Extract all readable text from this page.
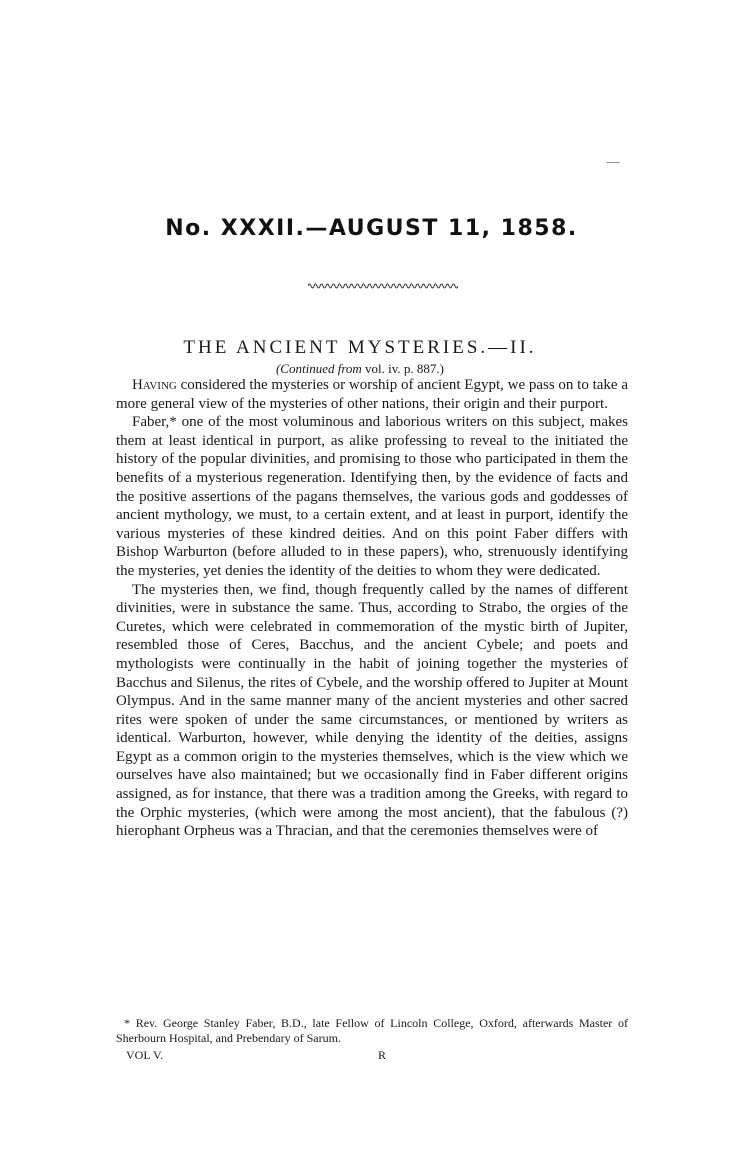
No. XXXII.—AUGUST 11, 1858.
THE ANCIENT MYSTERIES.—II.
(Continued from vol. iv. p. 887.)

Having considered the mysteries or worship of ancient Egypt, we pass on to take a more general view of the mysteries of other nations, their origin and their purport.

Faber,* one of the most voluminous and laborious writers on this subject, makes them at least identical in purport, as alike professing to reveal to the initiated the history of the popular divinities, and promising to those who participated in them the benefits of a mysterious regeneration. Identifying then, by the evidence of facts and the positive assertions of the pagans themselves, the various gods and goddesses of ancient mythology, we must, to a certain extent, and at least in purport, identify the various mysteries of these kindred deities. And on this point Faber differs with Bishop Warburton (before alluded to in these papers), who, strenuously identifying the mysteries, yet denies the identity of the deities to whom they were dedicated.

The mysteries then, we find, though frequently called by the names of different divinities, were in substance the same. Thus, according to Strabo, the orgies of the Curetes, which were celebrated in commemoration of the mystic birth of Jupiter, resembled those of Ceres, Bacchus, and the ancient Cybele; and poets and mythologists were continually in the habit of joining together the mysteries of Bacchus and Silenus, the rites of Cybele, and the worship offered to Jupiter at Mount Olympus. And in the same manner many of the ancient mysteries and other sacred rites were spoken of under the same circumstances, or mentioned by writers as identical. Warburton, however, while denying the identity of the deities, assigns Egypt as a common origin to the mysteries themselves, which is the view which we ourselves have also maintained; but we occasionally find in Faber different origins assigned, as for instance, that there was a tradition among the Greeks, with regard to the Orphic mysteries, (which were among the most ancient), that the fabulous (?) hierophant Orpheus was a Thracian, and that the ceremonies themselves were of

* Rev. George Stanley Faber, B.D., late Fellow of Lincoln College, Oxford, afterwards Master of Sherbourn Hospital, and Prebendary of Sarum.
VOL V.	R
